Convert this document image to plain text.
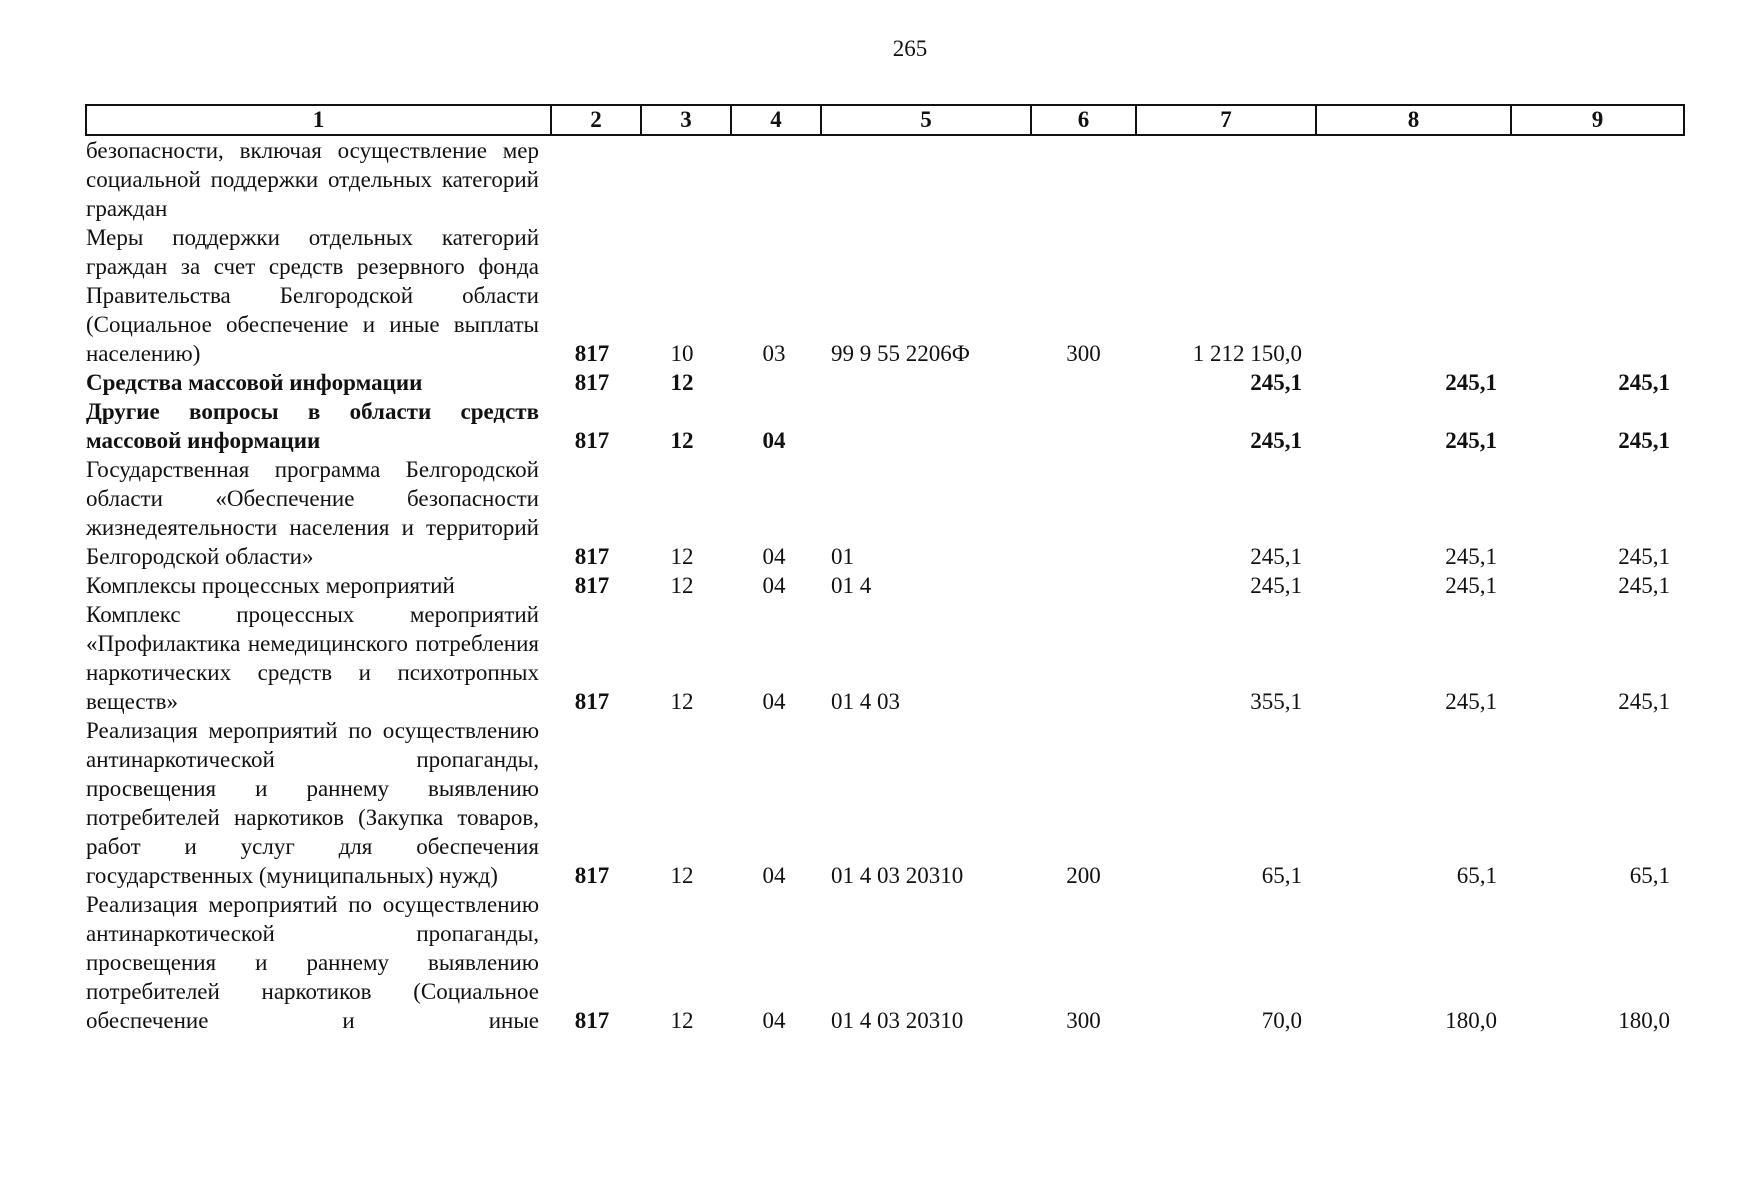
265
1	2	3	4	5	6	7	8	9
безопасности, включая осуществление мер социальной поддержки отдельных категорий граждан								
Меры поддержки отдельных категорий граждан за счет средств резервного фонда Правительства Белгородской области (Социальное обеспечение и иные выплаты населению)	817	10	03	99 9 55 2206Ф	300	1 212 150,0		
Средства массовой информации	817	12				245,1	245,1	245,1
Другие вопросы в области средств массовой информации	817	12	04			245,1	245,1	245,1
Государственная программа Белгородской области «Обеспечение безопасности жизнедеятельности населения и территорий Белгородской области»	817	12	04	01		245,1	245,1	245,1
Комплексы процессных мероприятий	817	12	04	01 4		245,1	245,1	245,1
Комплекс процессных мероприятий «Профилактика немедицинского потребления наркотических средств и психотропных веществ»	817	12	04	01 4 03		355,1	245,1	245,1
Реализация мероприятий по осуществлению антинаркотической пропаганды, просвещения и раннему выявлению потребителей наркотиков (Закупка товаров, работ и услуг для обеспечения государственных (муниципальных) нужд)	817	12	04	01 4 03 20310	200	65,1	65,1	65,1
Реализация мероприятий по осуществлению антинаркотической пропаганды, просвещения и раннему выявлению потребителей наркотиков (Социальное обеспечение и иные	817	12	04	01 4 03 20310	300	70,0	180,0	180,0
